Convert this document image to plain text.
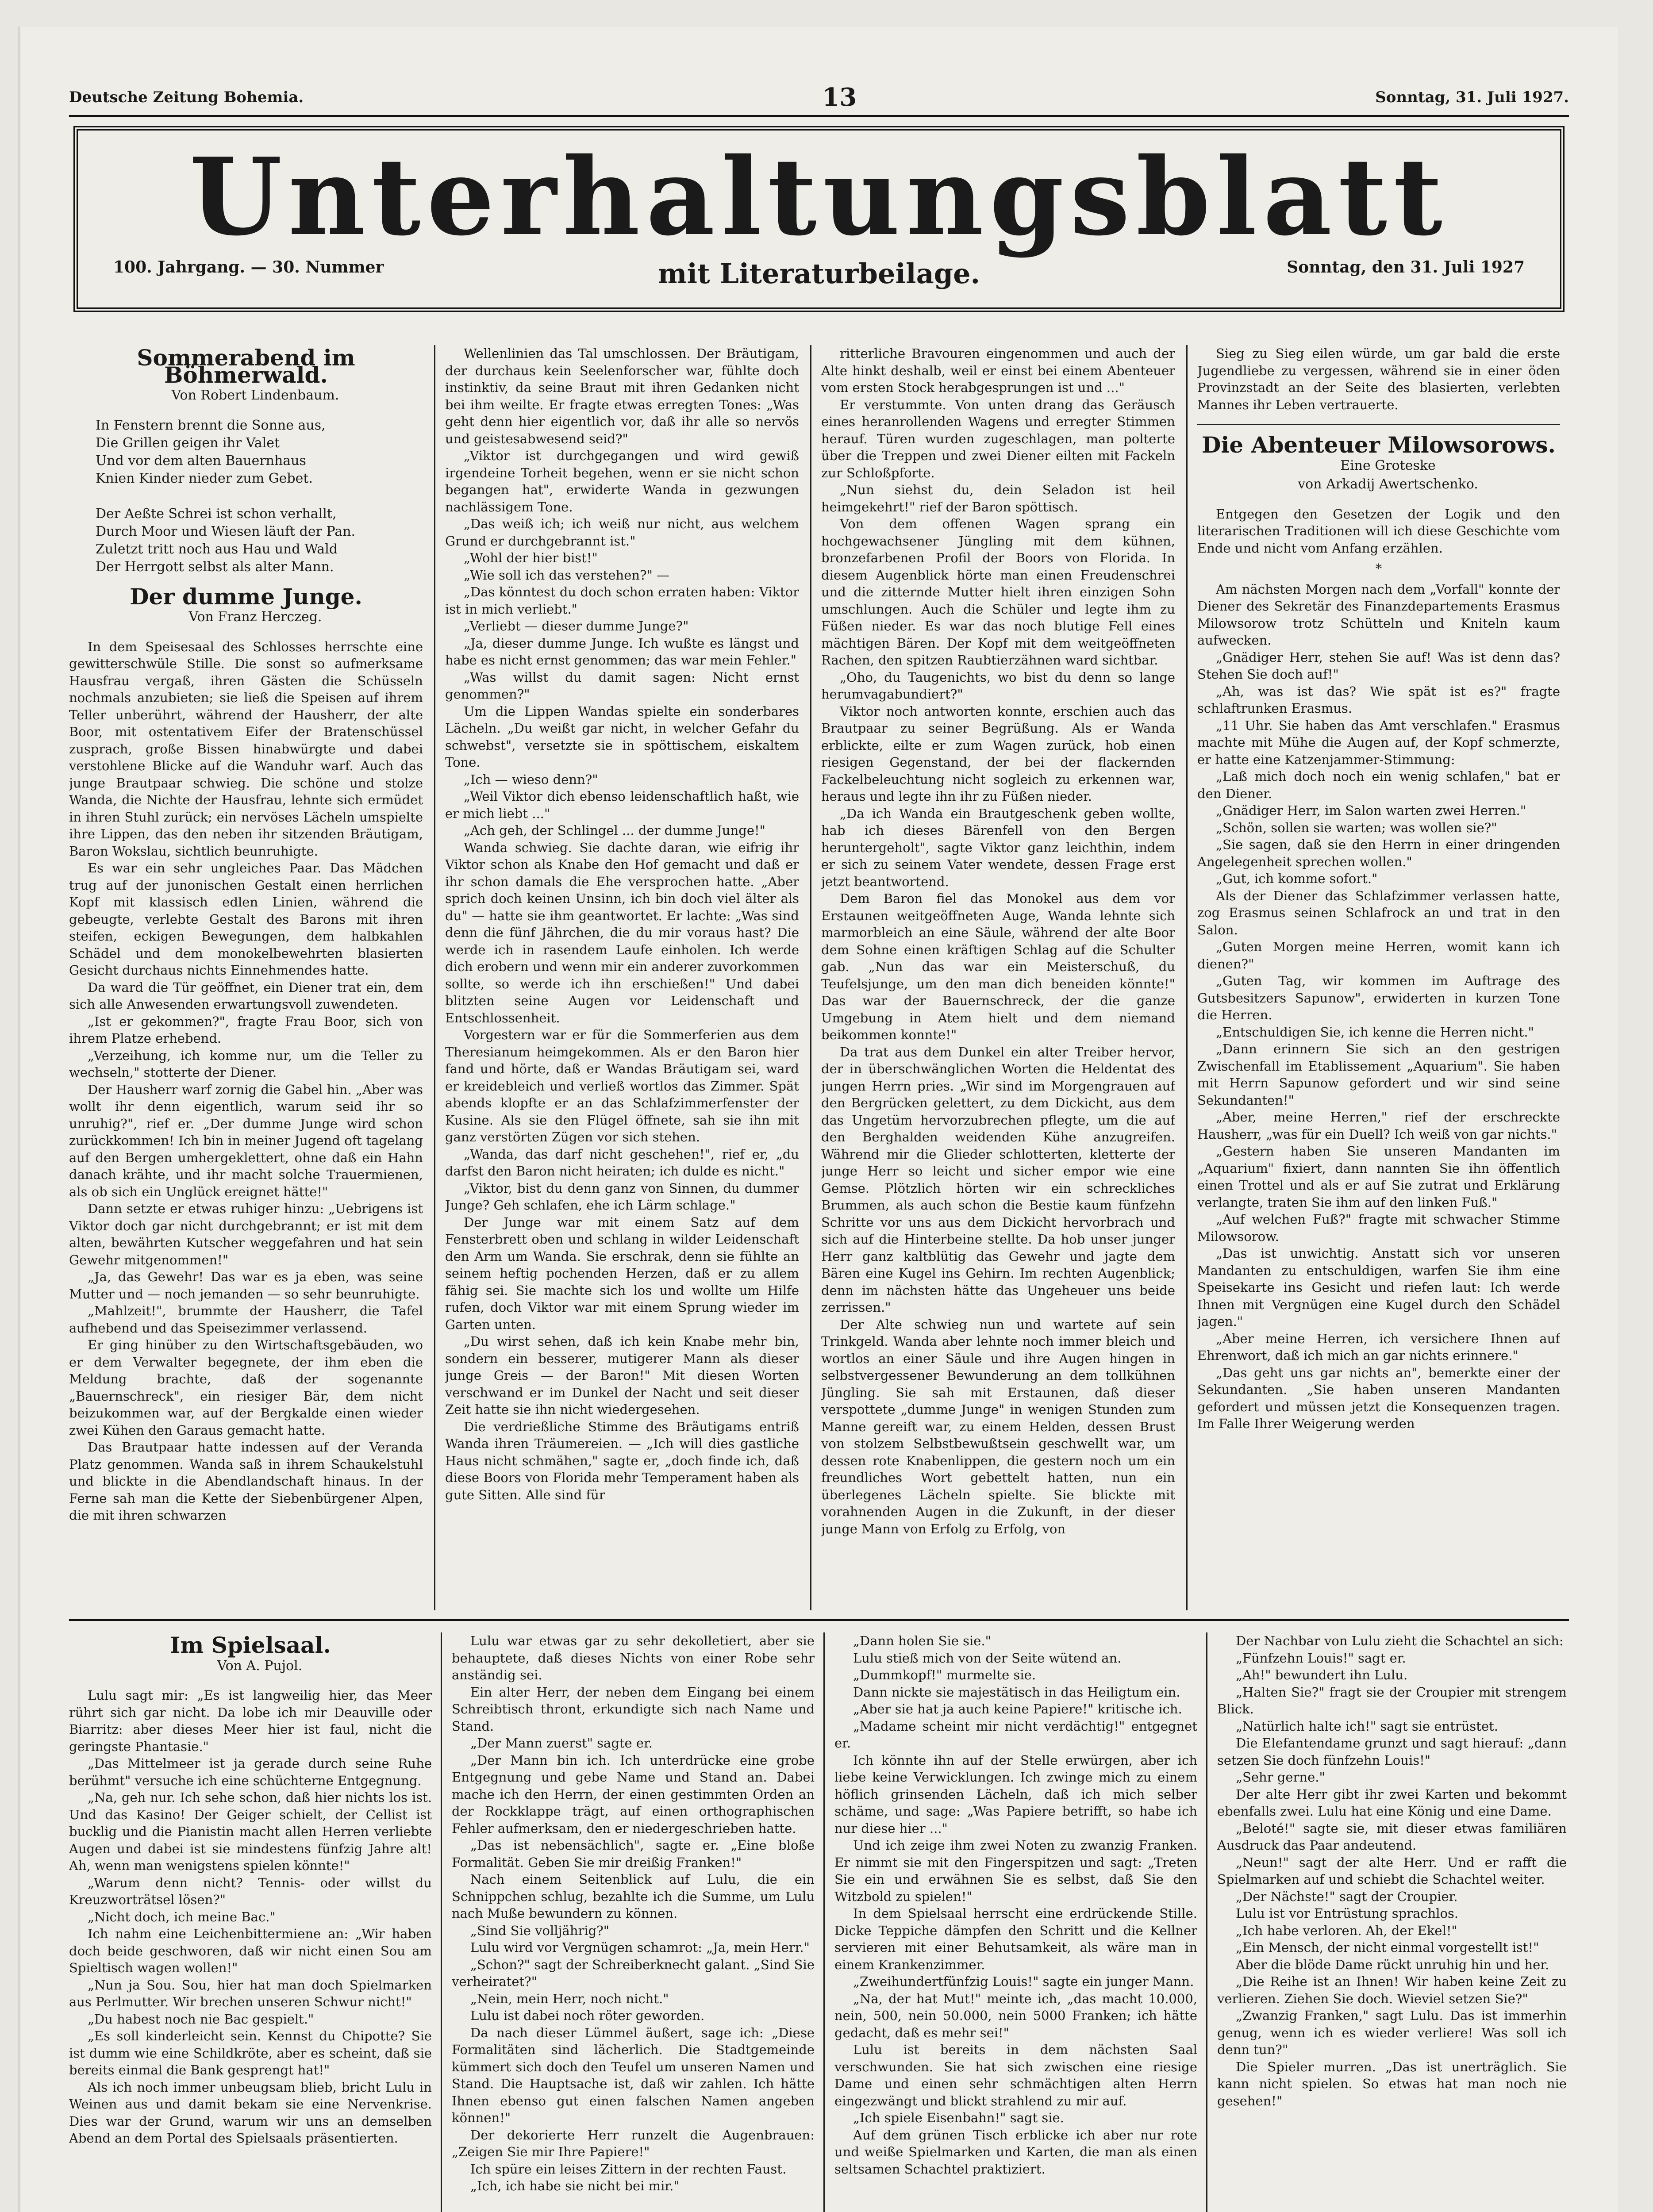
Deutsche Zeitung Bohemia.	13	Sonntag, 31. Juli 1927.
Unterhaltungsblatt
100. Jahrgang. — 30. Nummer	mit Literaturbeilage.	Sonntag, den 31. Juli 1927
Sommerabend im Böhmerwald.

Von Robert Lindenbaum.

In Fenstern brennt die Sonne aus,
Die Grillen geigen ihr Valet
Und vor dem alten Bauernhaus
Knien Kinder nieder zum Gebet.

Der Aeßte Schrei ist schon verhallt,
Durch Moor und Wiesen läuft der Pan.
Zuletzt tritt noch aus Hau und Wald
Der Herrgott selbst als alter Mann.
Der dumme Junge.

Von Franz Herczeg.

In dem Speisesaal des Schlosses herrschte eine gewitterschwüle Stille. Die sonst so aufmerksame Hausfrau vergaß, ihren Gästen die Schüsseln nochmals anzubieten; sie ließ die Speisen auf ihrem Teller unberührt, während der Hausherr, der alte Boor, mit ostentativem Eifer der Bratenschüssel zusprach, große Bissen hinabwürgte und dabei verstohlene Blicke auf die Wanduhr warf. Auch das junge Brautpaar schwieg. Die schöne und stolze Wanda, die Nichte der Hausfrau, lehnte sich ermüdet in ihren Stuhl zurück; ein nervöses Lächeln umspielte ihre Lippen, das den neben ihr sitzenden Bräutigam, Baron Wokslau, sichtlich beunruhigte.

Es war ein sehr ungleiches Paar. Das Mädchen trug auf der junonischen Gestalt einen herrlichen Kopf mit klassisch edlen Linien, während die gebeugte, verlebte Gestalt des Barons mit ihren steifen, eckigen Bewegungen, dem halbkahlen Schädel und dem monokelbewehrten blasierten Gesicht durchaus nichts Einnehmendes hatte.

Da ward die Tür geöffnet, ein Diener trat ein, dem sich alle Anwesenden erwartungsvoll zuwendeten.

„Ist er gekommen?", fragte Frau Boor, sich von ihrem Platze erhebend.

„Verzeihung, ich komme nur, um die Teller zu wechseln," stotterte der Diener.

Der Hausherr warf zornig die Gabel hin. „Aber was wollt ihr denn eigentlich, warum seid ihr so unruhig?", rief er. „Der dumme Junge wird schon zurückkommen! Ich bin in meiner Jugend oft tagelang auf den Bergen umhergeklettert, ohne daß ein Hahn danach krähte, und ihr macht solche Trauermienen, als ob sich ein Unglück ereignet hätte!"

Dann setzte er etwas ruhiger hinzu: „Uebrigens ist Viktor doch gar nicht durchgebrannt; er ist mit dem alten, bewährten Kutscher weggefahren und hat sein Gewehr mitgenommen!"

„Ja, das Gewehr! Das war es ja eben, was seine Mutter und — noch jemanden — so sehr beunruhigte.

„Mahlzeit!", brummte der Hausherr, die Tafel aufhebend und das Speisezimmer verlassend.

Er ging hinüber zu den Wirtschaftsgebäuden, wo er dem Verwalter begegnete, der ihm eben die Meldung brachte, daß der sogenannte „Bauernschreck", ein riesiger Bär, dem nicht beizukommen war, auf der Bergkalde einen wieder zwei Kühen den Garaus gemacht hatte.

Das Brautpaar hatte indessen auf der Veranda Platz genommen. Wanda saß in ihrem Schaukelstuhl und blickte in die Abendlandschaft hinaus. In der Ferne sah man die Kette der Siebenbürgener Alpen, die mit ihren schwarzen

Wellenlinien das Tal umschlossen. Der Bräutigam, der durchaus kein Seelenforscher war, fühlte doch instinktiv, da seine Braut mit ihren Gedanken nicht bei ihm weilte. Er fragte etwas erregten Tones: „Was geht denn hier eigentlich vor, daß ihr alle so nervös und geistesabwesend seid?"

„Viktor ist durchgegangen und wird gewiß irgendeine Torheit begehen, wenn er sie nicht schon begangen hat", erwiderte Wanda in gezwungen nachlässigem Tone.

„Das weiß ich; ich weiß nur nicht, aus welchem Grund er durchgebrannt ist."

„Wohl der hier bist!"

„Wie soll ich das verstehen?" —

„Das könntest du doch schon erraten haben: Viktor ist in mich verliebt."

„Verliebt — dieser dumme Junge?"

„Ja, dieser dumme Junge. Ich wußte es längst und habe es nicht ernst genommen; das war mein Fehler."

„Was willst du damit sagen: Nicht ernst genommen?"

Um die Lippen Wandas spielte ein sonderbares Lächeln. „Du weißt gar nicht, in welcher Gefahr du schwebst", versetzte sie in spöttischem, eiskaltem Tone.

„Ich — wieso denn?"

„Weil Viktor dich ebenso leidenschaftlich haßt, wie er mich liebt ..."

„Ach geh, der Schlingel ... der dumme Junge!"

Wanda schwieg. Sie dachte daran, wie eifrig ihr Viktor schon als Knabe den Hof gemacht und daß er ihr schon damals die Ehe versprochen hatte. „Aber sprich doch keinen Unsinn, ich bin doch viel älter als du" — hatte sie ihm geantwortet. Er lachte: „Was sind denn die fünf Jährchen, die du mir voraus hast? Die werde ich in rasendem Laufe einholen. Ich werde dich erobern und wenn mir ein anderer zuvorkommen sollte, so werde ich ihn erschießen!" Und dabei blitzten seine Augen vor Leidenschaft und Entschlossenheit.

Vorgestern war er für die Sommerferien aus dem Theresianum heimgekommen. Als er den Baron hier fand und hörte, daß er Wandas Bräutigam sei, ward er kreidebleich und verließ wortlos das Zimmer. Spät abends klopfte er an das Schlafzimmerfenster der Kusine. Als sie den Flügel öffnete, sah sie ihn mit ganz verstörten Zügen vor sich stehen.

„Wanda, das darf nicht geschehen!", rief er, „du darfst den Baron nicht heiraten; ich dulde es nicht."

„Viktor, bist du denn ganz von Sinnen, du dummer Junge? Geh schlafen, ehe ich Lärm schlage."

Der Junge war mit einem Satz auf dem Fensterbrett oben und schlang in wilder Leidenschaft den Arm um Wanda. Sie erschrak, denn sie fühlte an seinem heftig pochenden Herzen, daß er zu allem fähig sei. Sie machte sich los und wollte um Hilfe rufen, doch Viktor war mit einem Sprung wieder im Garten unten.

„Du wirst sehen, daß ich kein Knabe mehr bin, sondern ein besserer, mutigerer Mann als dieser junge Greis — der Baron!" Mit diesen Worten verschwand er im Dunkel der Nacht und seit dieser Zeit hatte sie ihn nicht wiedergesehen.

Die verdrießliche Stimme des Bräutigams entriß Wanda ihren Träumereien. — „Ich will dies gastliche Haus nicht schmähen," sagte er, „doch finde ich, daß diese Boors von Florida mehr Temperament haben als gute Sitten. Alle sind für

ritterliche Bravouren eingenommen und auch der Alte hinkt deshalb, weil er einst bei einem Abenteuer vom ersten Stock herabgesprungen ist und ..."

Er verstummte. Von unten drang das Geräusch eines heranrollenden Wagens und erregter Stimmen herauf. Türen wurden zugeschlagen, man polterte über die Treppen und zwei Diener eilten mit Fackeln zur Schloßpforte.

„Nun siehst du, dein Seladon ist heil heimgekehrt!" rief der Baron spöttisch.

Von dem offenen Wagen sprang ein hochgewachsener Jüngling mit dem kühnen, bronzefarbenen Profil der Boors von Florida. In diesem Augenblick hörte man einen Freudenschrei und die zitternde Mutter hielt ihren einzigen Sohn umschlungen. Auch die Schüler und legte ihm zu Füßen nieder. Es war das noch blutige Fell eines mächtigen Bären. Der Kopf mit dem weitgeöffneten Rachen, den spitzen Raubtierzähnen ward sichtbar.

„Oho, du Taugenichts, wo bist du denn so lange herumvagabundiert?"

Viktor noch antworten konnte, erschien auch das Brautpaar zu seiner Begrüßung. Als er Wanda erblickte, eilte er zum Wagen zurück, hob einen riesigen Gegenstand, der bei der flackernden Fackelbeleuchtung nicht sogleich zu erkennen war, heraus und legte ihn ihr zu Füßen nieder.

„Da ich Wanda ein Brautgeschenk geben wollte, hab ich dieses Bärenfell von den Bergen heruntergeholt", sagte Viktor ganz leichthin, indem er sich zu seinem Vater wendete, dessen Frage erst jetzt beantwortend.

Dem Baron fiel das Monokel aus dem vor Erstaunen weitgeöffneten Auge, Wanda lehnte sich marmorbleich an eine Säule, während der alte Boor dem Sohne einen kräftigen Schlag auf die Schulter gab. „Nun das war ein Meisterschuß, du Teufelsjunge, um den man dich beneiden könnte!" Das war der Bauernschreck, der die ganze Umgebung in Atem hielt und dem niemand beikommen konnte!"

Da trat aus dem Dunkel ein alter Treiber hervor, der in überschwänglichen Worten die Heldentat des jungen Herrn pries. „Wir sind im Morgengrauen auf den Bergrücken gelettert, zu dem Dickicht, aus dem das Ungetüm hervorzubrechen pflegte, um die auf den Berghalden weidenden Kühe anzugreifen. Während mir die Glieder schlotterten, kletterte der junge Herr so leicht und sicher empor wie eine Gemse. Plötzlich hörten wir ein schreckliches Brummen, als auch schon die Bestie kaum fünfzehn Schritte vor uns aus dem Dickicht hervorbrach und sich auf die Hinterbeine stellte. Da hob unser junger Herr ganz kaltblütig das Gewehr und jagte dem Bären eine Kugel ins Gehirn. Im rechten Augenblick; denn im nächsten hätte das Ungeheuer uns beide zerrissen."

Der Alte schwieg nun und wartete auf sein Trinkgeld. Wanda aber lehnte noch immer bleich und wortlos an einer Säule und ihre Augen hingen in selbstvergessener Bewunderung an dem tollkühnen Jüngling. Sie sah mit Erstaunen, daß dieser verspottete „dumme Junge" in wenigen Stunden zum Manne gereift war, zu einem Helden, dessen Brust von stolzem Selbstbewußtsein geschwellt war, um dessen rote Knabenlippen, die gestern noch um ein freundliches Wort gebettelt hatten, nun ein überlegenes Lächeln spielte. Sie blickte mit vorahnenden Augen in die Zukunft, in der dieser junge Mann von Erfolg zu Erfolg, von

Sieg zu Sieg eilen würde, um gar bald die erste Jugendliebe zu vergessen, während sie in einer öden Provinzstadt an der Seite des blasierten, verlebten Mannes ihr Leben vertrauerte.

Die Abenteuer Milowsorows.

Eine Groteske

von Arkadij Awertschenko.

Entgegen den Gesetzen der Logik und den literarischen Traditionen will ich diese Geschichte vom Ende und nicht vom Anfang erzählen.

*

Am nächsten Morgen nach dem „Vorfall" konnte der Diener des Sekretär des Finanzdepartements Erasmus Milowsorow trotz Schütteln und Kniteln kaum aufwecken.

„Gnädiger Herr, stehen Sie auf! Was ist denn das? Stehen Sie doch auf!"

„Ah, was ist das? Wie spät ist es?" fragte schlaftrunken Erasmus.

„11 Uhr. Sie haben das Amt verschlafen." Erasmus machte mit Mühe die Augen auf, der Kopf schmerzte, er hatte eine Katzenjammer-Stimmung:

„Laß mich doch noch ein wenig schlafen," bat er den Diener.

„Gnädiger Herr, im Salon warten zwei Herren."

„Schön, sollen sie warten; was wollen sie?"

„Sie sagen, daß sie den Herrn in einer dringenden Angelegenheit sprechen wollen."

„Gut, ich komme sofort."

Als der Diener das Schlafzimmer verlassen hatte, zog Erasmus seinen Schlafrock an und trat in den Salon.

„Guten Morgen meine Herren, womit kann ich dienen?"

„Guten Tag, wir kommen im Auftrage des Gutsbesitzers Sapunow", erwiderten in kurzen Tone die Herren.

„Entschuldigen Sie, ich kenne die Herren nicht."

„Dann erinnern Sie sich an den gestrigen Zwischenfall im Etablissement „Aquarium". Sie haben mit Herrn Sapunow gefordert und wir sind seine Sekundanten!"

„Aber, meine Herren," rief der erschreckte Hausherr, „was für ein Duell? Ich weiß von gar nichts."

„Gestern haben Sie unseren Mandanten im „Aquarium" fixiert, dann nannten Sie ihn öffentlich einen Trottel und als er auf Sie zutrat und Erklärung verlangte, traten Sie ihm auf den linken Fuß."

„Auf welchen Fuß?" fragte mit schwacher Stimme Milowsorow.

„Das ist unwichtig. Anstatt sich vor unseren Mandanten zu entschuldigen, warfen Sie ihm eine Speisekarte ins Gesicht und riefen laut: Ich werde Ihnen mit Vergnügen eine Kugel durch den Schädel jagen."

„Aber meine Herren, ich versichere Ihnen auf Ehrenwort, daß ich mich an gar nichts erinnere."

„Das geht uns gar nichts an", bemerkte einer der Sekundanten. „Sie haben unseren Mandanten gefordert und müssen jetzt die Konsequenzen tragen. Im Falle Ihrer Weigerung werden

Im Spielsaal.

Von A. Pujol.

Lulu sagt mir: „Es ist langweilig hier, das Meer rührt sich gar nicht. Da lobe ich mir Deauville oder Biarritz: aber dieses Meer hier ist faul, nicht die geringste Phantasie."

„Das Mittelmeer ist ja gerade durch seine Ruhe berühmt" versuche ich eine schüchterne Entgegnung.

„Na, geh nur. Ich sehe schon, daß hier nichts los ist. Und das Kasino! Der Geiger schielt, der Cellist ist bucklig und die Pianistin macht allen Herren verliebte Augen und dabei ist sie mindestens fünfzig Jahre alt! Ah, wenn man wenigstens spielen könnte!"

„Warum denn nicht? Tennis- oder willst du Kreuzworträtsel lösen?"

„Nicht doch, ich meine Bac."

Ich nahm eine Leichenbittermiene an: „Wir haben doch beide geschworen, daß wir nicht einen Sou am Spieltisch wagen wollen!"

„Nun ja Sou. Sou, hier hat man doch Spielmarken aus Perlmutter. Wir brechen unseren Schwur nicht!"

„Du habest noch nie Bac gespielt."

„Es soll kinderleicht sein. Kennst du Chipotte? Sie ist dumm wie eine Schildkröte, aber es scheint, daß sie bereits einmal die Bank gesprengt hat!"

Als ich noch immer unbeugsam blieb, bricht Lulu in Weinen aus und damit bekam sie eine Nervenkrise. Dies war der Grund, warum wir uns an demselben Abend an dem Portal des Spielsaals präsentierten.

Lulu war etwas gar zu sehr dekolletiert, aber sie behauptete, daß dieses Nichts von einer Robe sehr anständig sei.

Ein alter Herr, der neben dem Eingang bei einem Schreibtisch thront, erkundigte sich nach Name und Stand.

„Der Mann zuerst" sagte er.

„Der Mann bin ich. Ich unterdrücke eine grobe Entgegnung und gebe Name und Stand an. Dabei mache ich den Herrn, der einen gestimmten Orden an der Rockklappe trägt, auf einen orthographischen Fehler aufmerksam, den er niedergeschrieben hatte.

„Das ist nebensächlich", sagte er. „Eine bloße Formalität. Geben Sie mir dreißig Franken!"

Nach einem Seitenblick auf Lulu, die ein Schnippchen schlug, bezahlte ich die Summe, um Lulu nach Muße bewundern zu können.

„Sind Sie volljährig?"

Lulu wird vor Vergnügen schamrot: „Ja, mein Herr."

„Schon?" sagt der Schreiberknecht galant. „Sind Sie verheiratet?"

„Nein, mein Herr, noch nicht."

Lulu ist dabei noch röter geworden.

Da nach dieser Lümmel äußert, sage ich: „Diese Formalitäten sind lächerlich. Die Stadtgemeinde kümmert sich doch den Teufel um unseren Namen und Stand. Die Hauptsache ist, daß wir zahlen. Ich hätte Ihnen ebenso gut einen falschen Namen angeben können!"

Der dekorierte Herr runzelt die Augenbrauen: „Zeigen Sie mir Ihre Papiere!"

Ich spüre ein leises Zittern in der rechten Faust.

„Ich, ich habe sie nicht bei mir."

„Dann holen Sie sie."

Lulu stieß mich von der Seite wütend an.

„Dummkopf!" murmelte sie.

Dann nickte sie majestätisch in das Heiligtum ein.

„Aber sie hat ja auch keine Papiere!" kritische ich.

„Madame scheint mir nicht verdächtig!" entgegnet er.

Ich könnte ihn auf der Stelle erwürgen, aber ich liebe keine Verwicklungen. Ich zwinge mich zu einem höflich grinsenden Lächeln, daß ich mich selber schäme, und sage: „Was Papiere betrifft, so habe ich nur diese hier ..."

Und ich zeige ihm zwei Noten zu zwanzig Franken. Er nimmt sie mit den Fingerspitzen und sagt: „Treten Sie ein und erwähnen Sie es selbst, daß Sie den Witzbold zu spielen!"

In dem Spielsaal herrscht eine erdrückende Stille. Dicke Teppiche dämpfen den Schritt und die Kellner servieren mit einer Behutsamkeit, als wäre man in einem Krankenzimmer.

„Zweihundertfünfzig Louis!" sagte ein junger Mann.

„Na, der hat Mut!" meinte ich, „das macht 10.000, nein, 500, nein 50.000, nein 5000 Franken; ich hätte gedacht, daß es mehr sei!"

Lulu ist bereits in dem nächsten Saal verschwunden. Sie hat sich zwischen eine riesige Dame und einen sehr schmächtigen alten Herrn eingezwängt und blickt strahlend zu mir auf.

„Ich spiele Eisenbahn!" sagt sie.

Auf dem grünen Tisch erblicke ich aber nur rote und weiße Spielmarken und Karten, die man als einen seltsamen Schachtel praktiziert.

Der Nachbar von Lulu zieht die Schachtel an sich:

„Fünfzehn Louis!" sagt er.

„Ah!" bewundert ihn Lulu.

„Halten Sie?" fragt sie der Croupier mit strengem Blick.

„Natürlich halte ich!" sagt sie entrüstet.

Die Elefantendame grunzt und sagt hierauf: „dann setzen Sie doch fünfzehn Louis!"

„Sehr gerne."

Der alte Herr gibt ihr zwei Karten und bekommt ebenfalls zwei. Lulu hat eine König und eine Dame.

„Beloté!" sagte sie, mit dieser etwas familiären Ausdruck das Paar andeutend.

„Neun!" sagt der alte Herr. Und er rafft die Spielmarken auf und schiebt die Schachtel weiter.

„Der Nächste!" sagt der Croupier.

Lulu ist vor Entrüstung sprachlos.

„Ich habe verloren. Ah, der Ekel!"

„Ein Mensch, der nicht einmal vorgestellt ist!"

Aber die blöde Dame rückt unruhig hin und her.

„Die Reihe ist an Ihnen! Wir haben keine Zeit zu verlieren. Ziehen Sie doch. Wieviel setzen Sie?"

„Zwanzig Franken," sagt Lulu. Das ist immerhin genug, wenn ich es wieder verliere! Was soll ich denn tun?"

Die Spieler murren. „Das ist unerträglich. Sie kann nicht spielen. So etwas hat man noch nie gesehen!"
